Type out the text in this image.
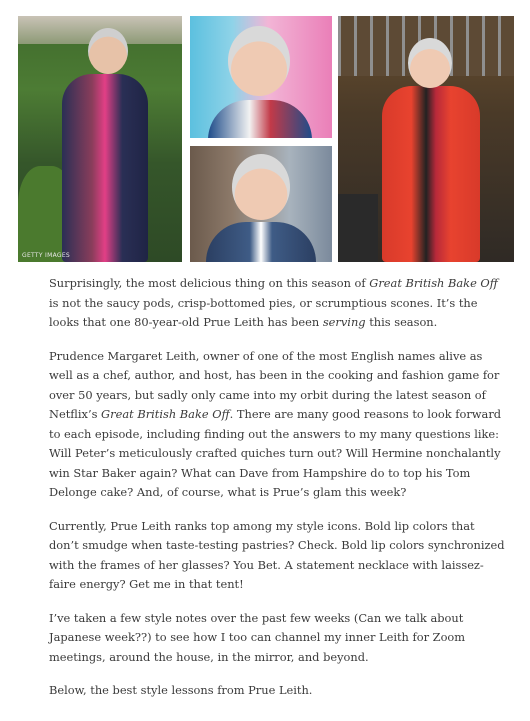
GETTY IMAGES

Surprisingly, the most delicious thing on this season of Great British Bake Off is not the saucy pods, crisp-bottomed pies, or scrumptious scones. It’s the looks that one 80-year-old Prue Leith has been serving this season.

Prudence Margaret Leith, owner of one of the most English names alive as well as a chef, author, and host, has been in the cooking and fashion game for over 50 years, but sadly only came into my orbit during the latest season of Netflix’s Great British Bake Off. There are many good reasons to look forward to each episode, including finding out the answers to my many questions like: Will Peter’s meticulously crafted quiches turn out? Will Hermine nonchalantly win Star Baker again? What can Dave from Hampshire do to top his Tom Delonge cake? And, of course, what is Prue’s glam this week?

Currently, Prue Leith ranks top among my style icons. Bold lip colors that don’t smudge when taste-testing pastries? Check. Bold lip colors synchronized with the frames of her glasses? You Bet. A statement necklace with laissez-faire energy? Get me in that tent!

I’ve taken a few style notes over the past few weeks (Can we talk about Japanese week??) to see how I too can channel my inner Leith for Zoom meetings, around the house, in the mirror, and beyond.

Below, the best style lessons from Prue Leith.
